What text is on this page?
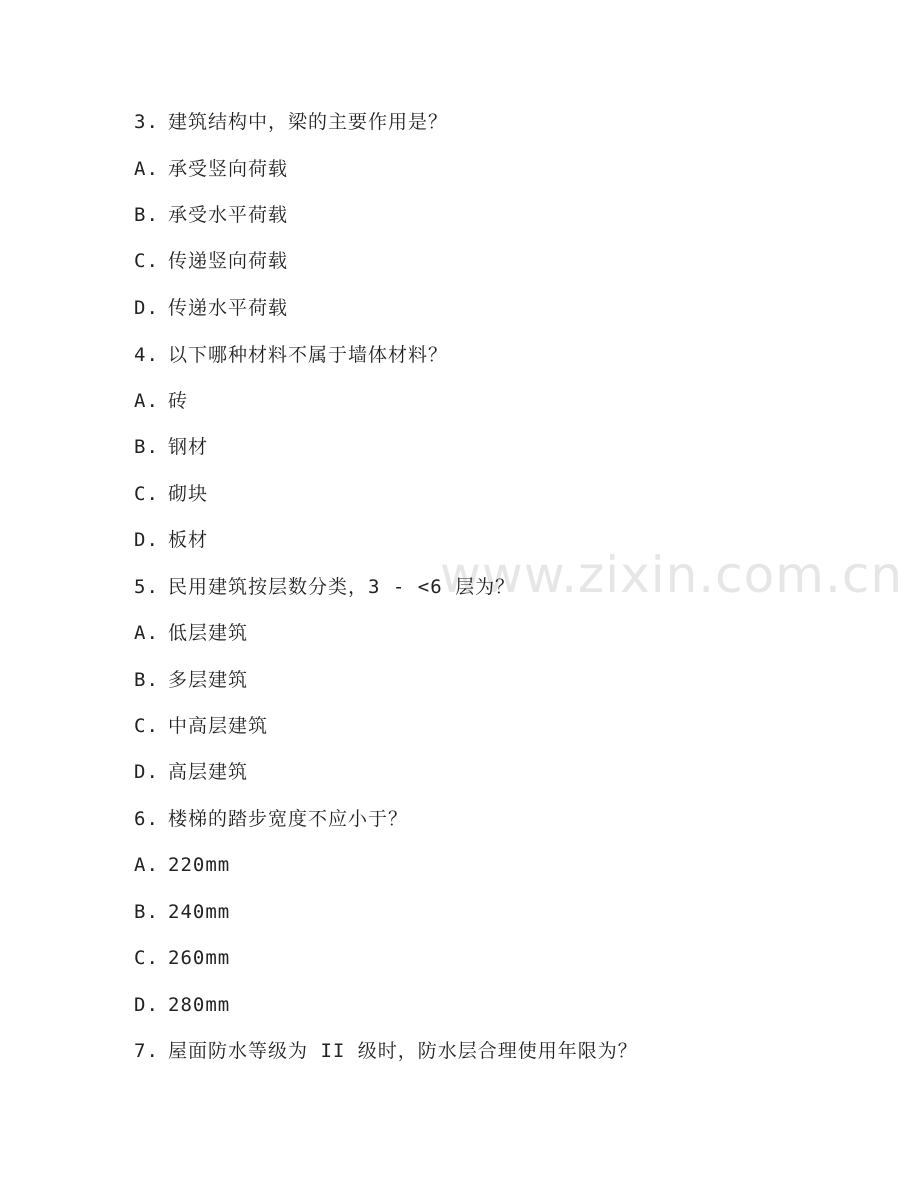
www.zixin.com.cn
3. 建筑结构中，梁的主要作用是？
A. 承受竖向荷载
B. 承受水平荷载
C. 传递竖向荷载
D. 传递水平荷载
4. 以下哪种材料不属于墙体材料？
A. 砖
B. 钢材
C. 砌块
D. 板材
5. 民用建筑按层数分类，3 - <6 层为？
A. 低层建筑
B. 多层建筑
C. 中高层建筑
D. 高层建筑
6. 楼梯的踏步宽度不应小于？
A. 220mm
B. 240mm
C. 260mm
D. 280mm
7. 屋面防水等级为 II 级时，防水层合理使用年限为？
